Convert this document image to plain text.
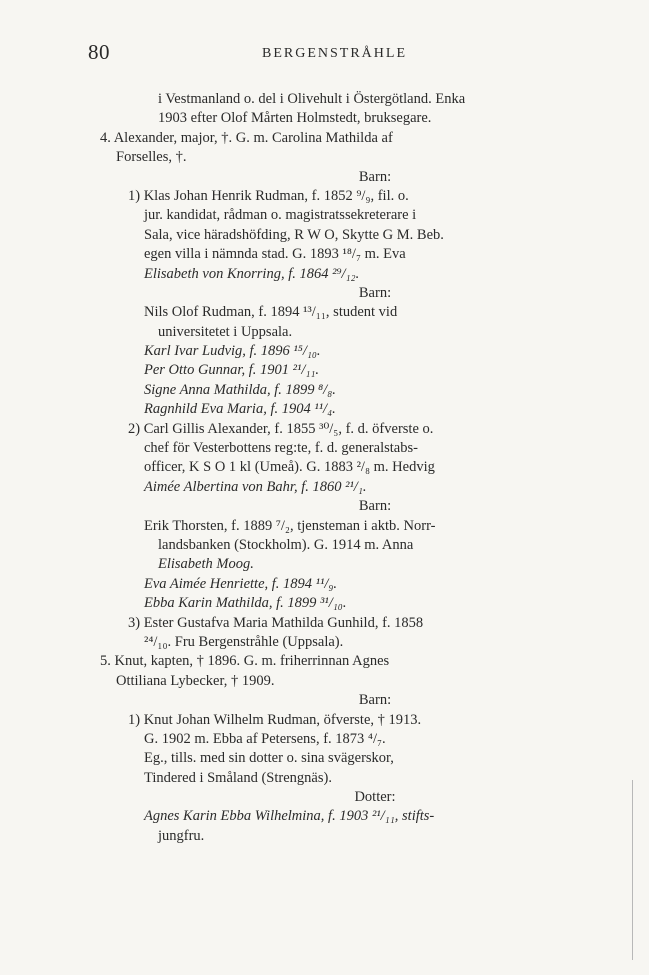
80	BERGENSTRÅHLE
i Vestmanland o. del i Olivehult i Östergötland. Enka
1903 efter Olof Mårten Holmstedt, bruksegare.
4. Alexander, major, †. G. m. Carolina Mathilda af
Forselles, †.
Barn:
1) Klas Johan Henrik Rudman, f. 1852 ⁹/₉, fil. o.
jur. kandidat, rådman o. magistratssekreterare i
Sala, vice häradshöfding, R W O, Skytte G M. Beb.
egen villa i nämnda stad. G. 1893 ¹⁸/₇ m. Eva
Elisabeth von Knorring, f. 1864 ²⁹/₁₂.
Barn:
Nils Olof Rudman, f. 1894 ¹³/₁₁, student vid
universitetet i Uppsala.
Karl Ivar Ludvig, f. 1896 ¹⁵/₁₀.
Per Otto Gunnar, f. 1901 ²¹/₁₁.
Signe Anna Mathilda, f. 1899 ⁸/₈.
Ragnhild Eva Maria, f. 1904 ¹¹/₄.
2) Carl Gillis Alexander, f. 1855 ³⁰/₅, f. d. öfverste o.
chef för Vesterbottens reg:te, f. d. generalstabs-
officer, K S O 1 kl (Umeå). G. 1883 ²/₈ m. Hedvig
Aimée Albertina von Bahr, f. 1860 ²¹/₁.
Barn:
Erik Thorsten, f. 1889 ⁷/₂, tjensteman i aktb. Norr-
landsbanken (Stockholm). G. 1914 m. Anna
Elisabeth Moog.
Eva Aimée Henriette, f. 1894 ¹¹/₉.
Ebba Karin Mathilda, f. 1899 ³¹/₁₀.
3) Ester Gustafva Maria Mathilda Gunhild, f. 1858
²⁴/₁₀. Fru Bergenstråhle (Uppsala).
5. Knut, kapten, † 1896. G. m. friherrinnan Agnes
Ottiliana Lybecker, † 1909.
Barn:
1) Knut Johan Wilhelm Rudman, öfverste, † 1913.
G. 1902 m. Ebba af Petersens, f. 1873 ⁴/₇.
Eg., tills. med sin dotter o. sina svägerskor,
Tindered i Småland (Strengnäs).
Dotter:
Agnes Karin Ebba Wilhelmina, f. 1903 ²¹/₁₁, stifts-
jungfru.
